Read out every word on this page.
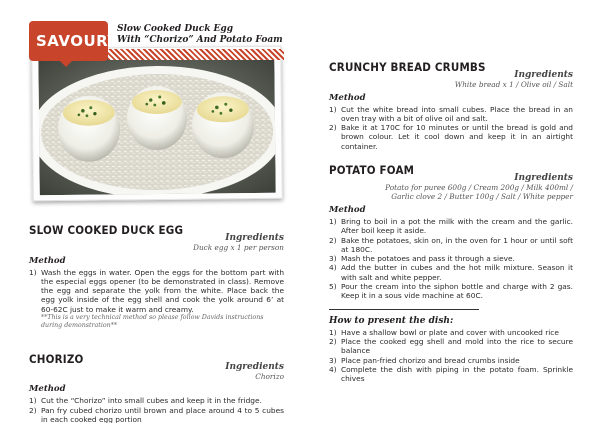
SAVOURY
Slow Cooked Duck Egg
With “Chorizo” And Potato Foam
SLOW COOKED DUCK EGG
Ingredients
Duck egg x 1 per person
Method
1) Wash the eggs in water. Open the eggs for the bottom part with the especial eggs opener (to be demonstrated in class). Remove the egg and separate the yolk from the white. Place back the egg yolk inside of the egg shell and cook the yolk around 6’ at 60-62C just to make it warm and creamy.
**This is a very technical method so please follow Davids instructions during demonstration**
CHORIZO
Ingredients
Chorizo
Method
1) Cut the “Chorizo” into small cubes and keep it in the fridge.
2) Pan fry cubed chorizo until brown and place around 4 to 5 cubes in each cooked egg portion
CRUNCHY BREAD CRUMBS
Ingredients
White bread x 1 / Olive oil / Salt
Method
1) Cut the white bread into small cubes. Place the bread in an oven tray with a bit of olive oil and salt.
2) Bake it at 170C for 10 minutes or until the bread is gold and brown colour. Let it cool down and keep it in an airtight container.
POTATO FOAM
Ingredients
Potato for puree 600g / Cream 200g / Milk 400ml /
Garlic clove 2 / Butter 100g / Salt / White pepper
Method
1) Bring to boil in a pot the milk with the cream and the garlic. After boil keep it aside.
2) Bake the potatoes, skin on, in the oven for 1 hour or until soft at 180C.
3) Mash the potatoes and pass it through a sieve.
4) Add the butter in cubes and the hot milk mixture. Season it with salt and white pepper.
5) Pour the cream into the siphon bottle and charge with 2 gas. Keep it in a sous vide machine at 60C.
How to present the dish:
1) Have a shallow bowl or plate and cover with uncooked rice
2) Place the cooked egg shell and mold into the rice to secure balance
3) Place pan-fried chorizo and bread crumbs inside
4) Complete the dish with piping in the potato foam. Sprinkle chives
